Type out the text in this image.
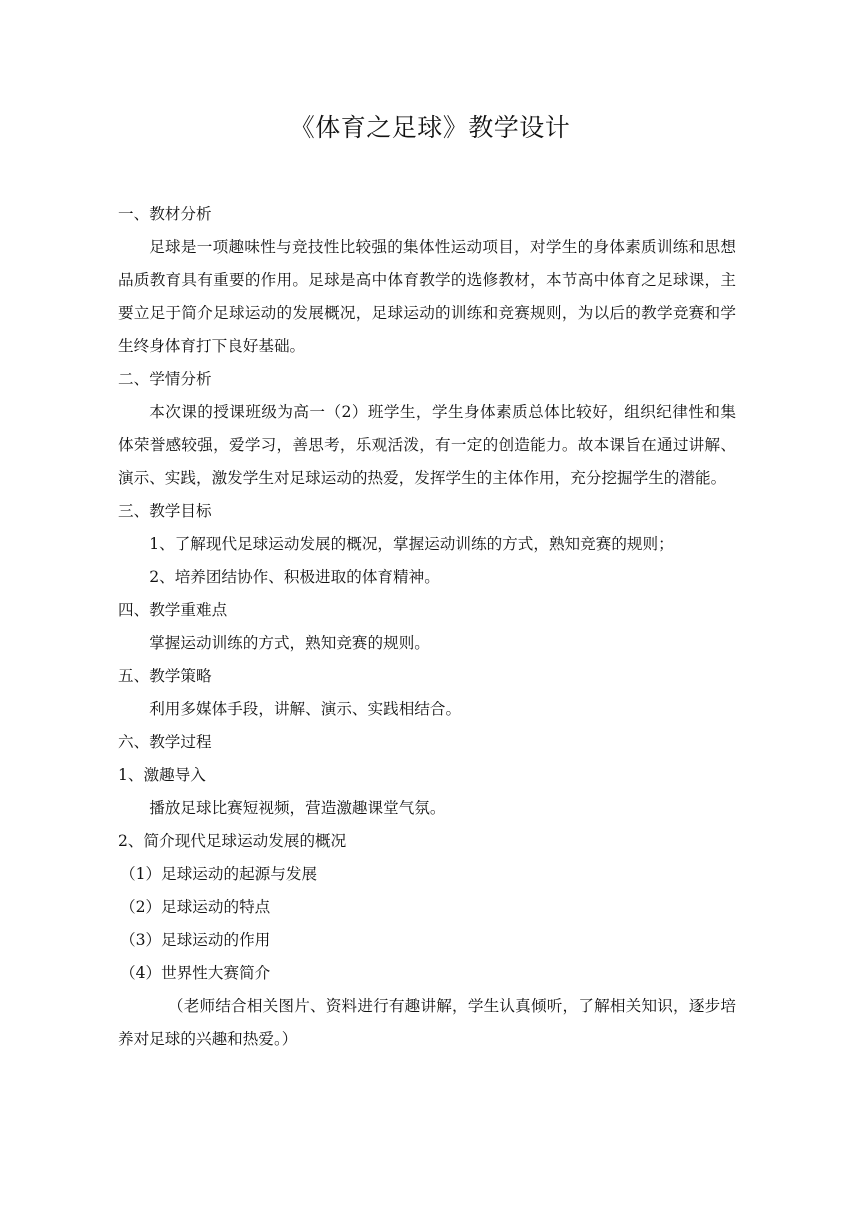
《体育之足球》教学设计
一、教材分析

足球是一项趣味性与竞技性比较强的集体性运动项目，对学生的身体素质训练和思想品质教育具有重要的作用。足球是高中体育教学的选修教材，本节高中体育之足球课，主要立足于简介足球运动的发展概况，足球运动的训练和竞赛规则，为以后的教学竞赛和学生终身体育打下良好基础。

二、学情分析

本次课的授课班级为高一（2）班学生，学生身体素质总体比较好，组织纪律性和集体荣誉感较强，爱学习，善思考，乐观活泼，有一定的创造能力。故本课旨在通过讲解、演示、实践，激发学生对足球运动的热爱，发挥学生的主体作用，充分挖掘学生的潜能。

三、教学目标
1、了解现代足球运动发展的概况，掌握运动训练的方式，熟知竞赛的规则；
2、培养团结协作、积极进取的体育精神。
四、教学重难点
掌握运动训练的方式，熟知竞赛的规则。
五、教学策略
利用多媒体手段，讲解、演示、实践相结合。
六、教学过程
1、激趣导入
播放足球比赛短视频，营造激趣课堂气氛。
2、简介现代足球运动发展的概况
（1）足球运动的起源与发展
（2）足球运动的特点
（3）足球运动的作用
（4）世界性大赛简介

（老师结合相关图片、资料进行有趣讲解，学生认真倾听，了解相关知识，逐步培养对足球的兴趣和热爱。）
